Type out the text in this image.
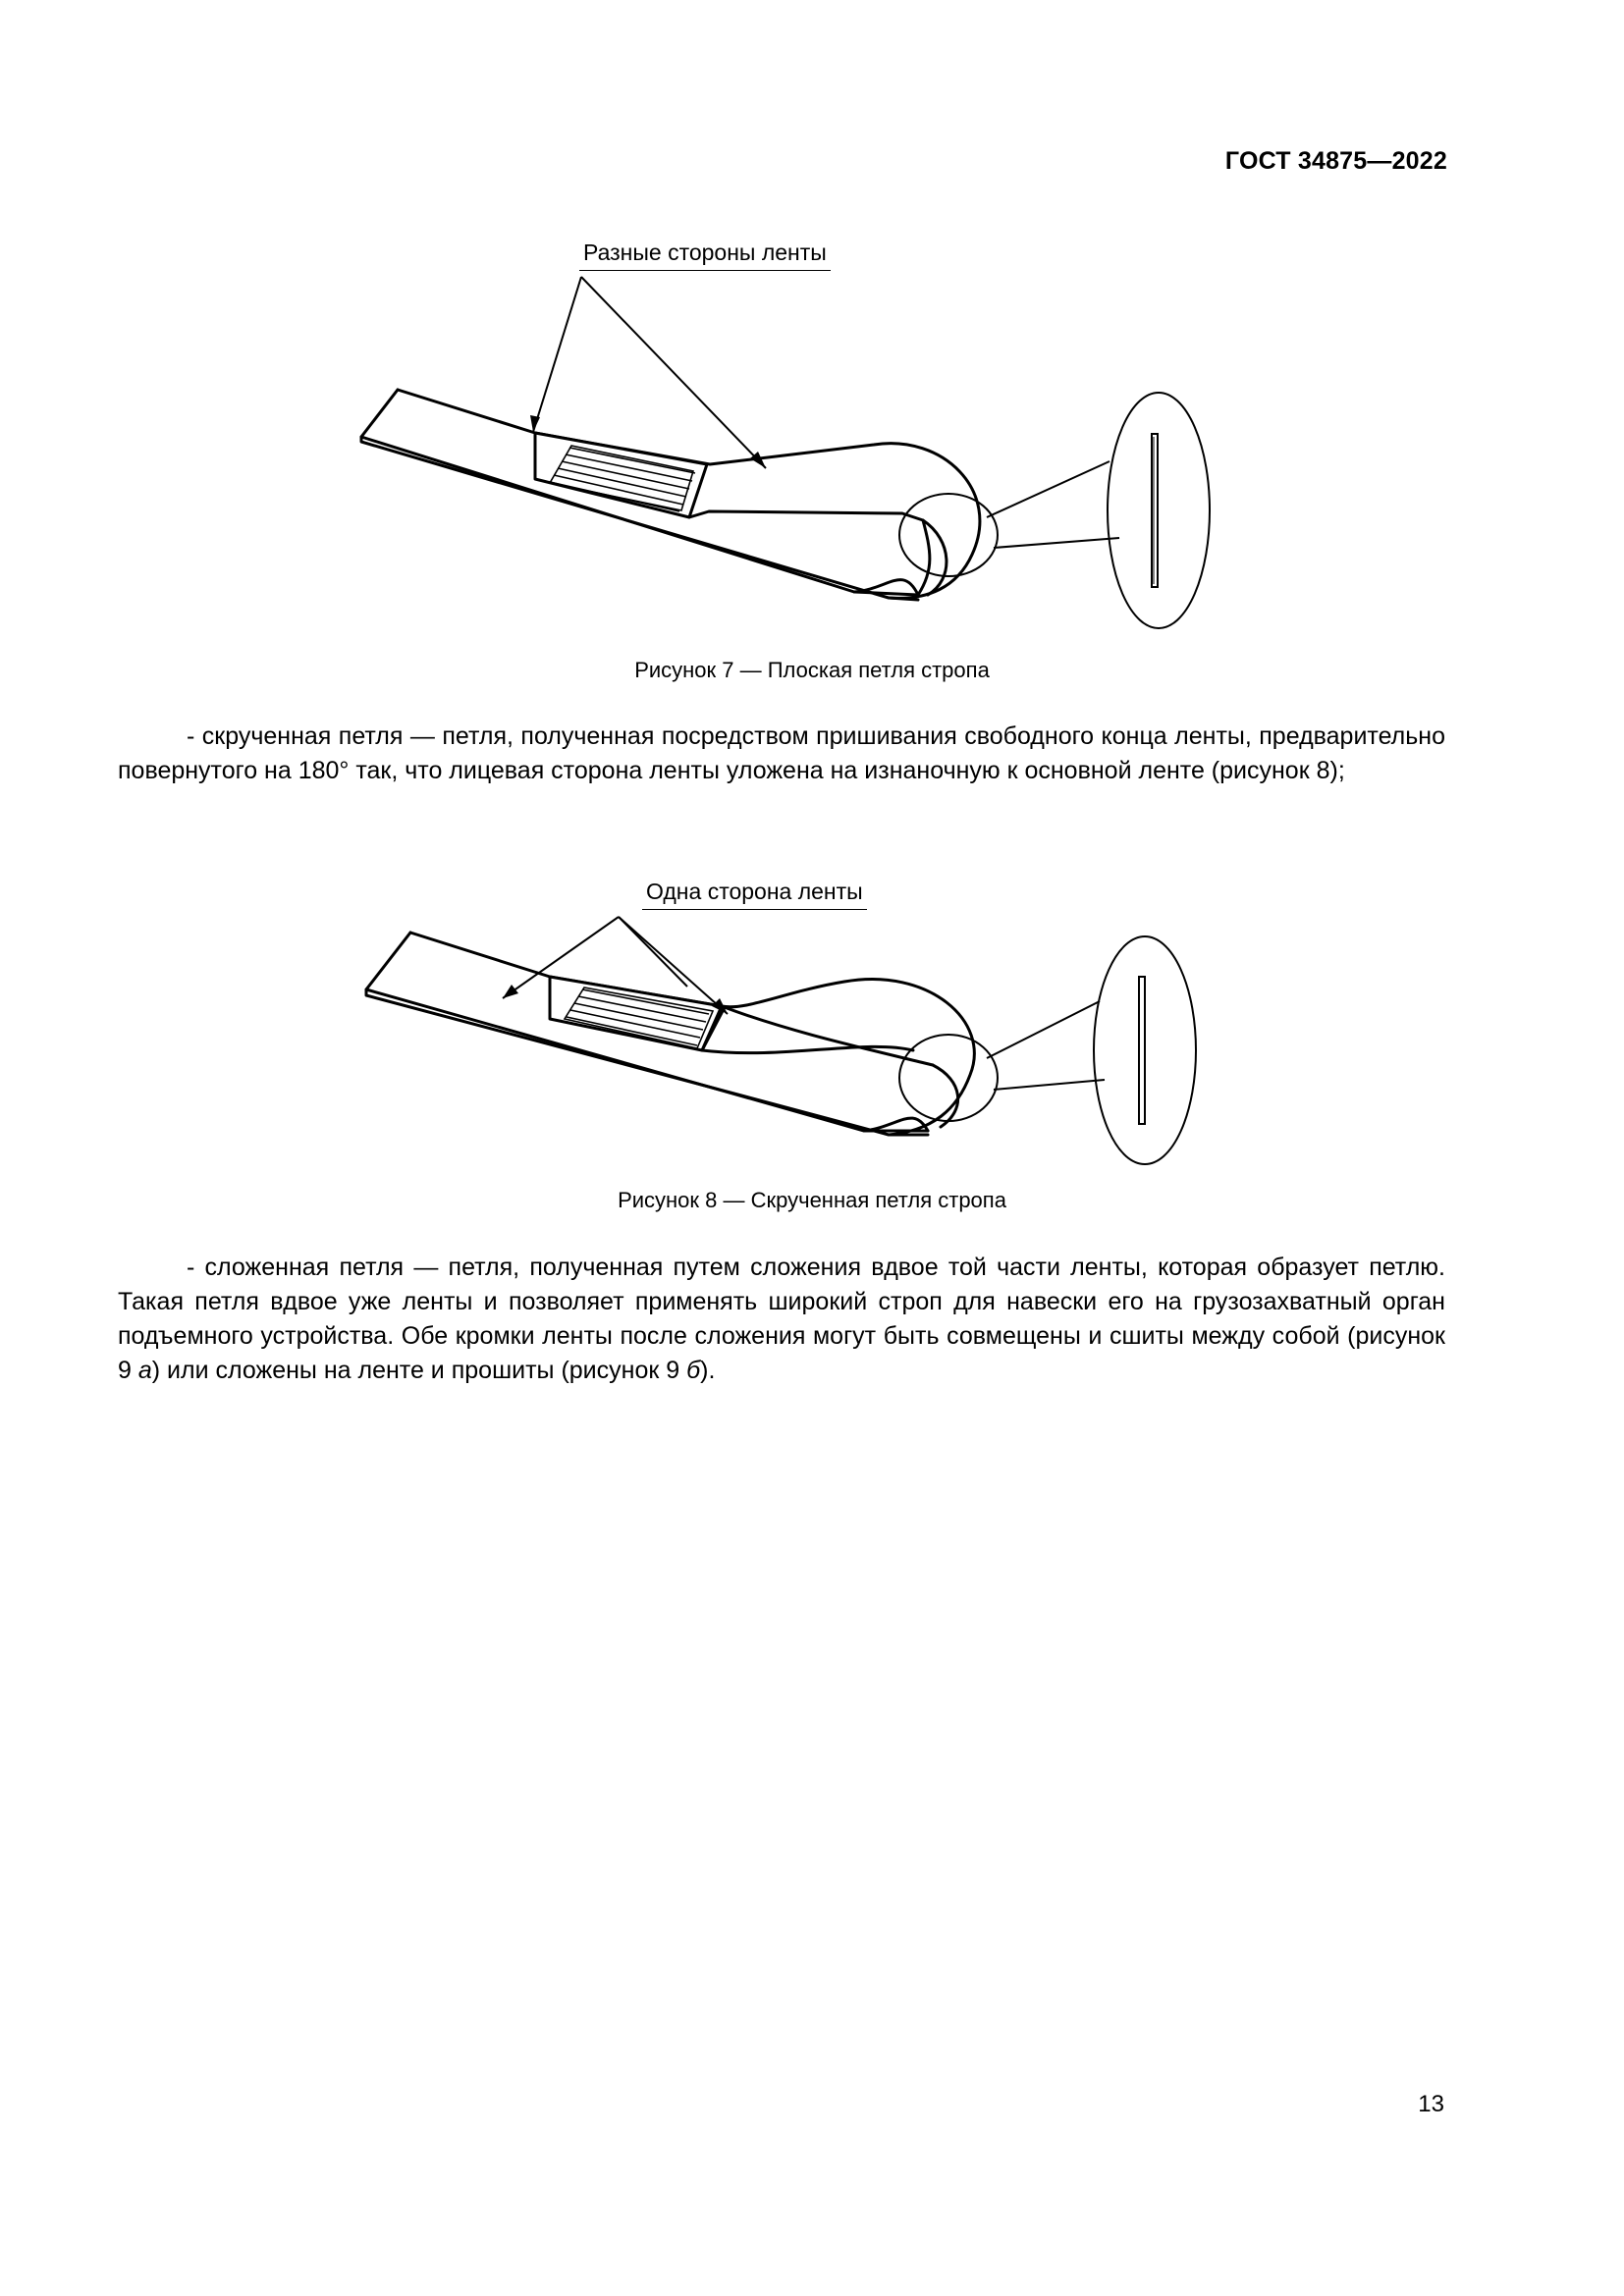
ГОСТ 34875—2022
Разные стороны ленты
Рисунок 7 — Плоская петля стропа

- скрученная петля — петля, полученная посредством пришивания свободного конца ленты, предварительно повернутого на 180° так, что лицевая сторона ленты уложена на изнаночную к основной ленте (рисунок 8);

Одна сторона ленты
Рисунок 8 — Скрученная петля стропа

- сложенная петля — петля, полученная путем сложения вдвое той части ленты, которая образует петлю. Такая петля вдвое уже ленты и позволяет применять широкий строп для навески его на грузозахватный орган подъемного устройства. Обе кромки ленты после сложения могут быть совмещены и сшиты между собой (рисунок 9 а) или сложены на ленте и прошиты (рисунок 9 б).

13
